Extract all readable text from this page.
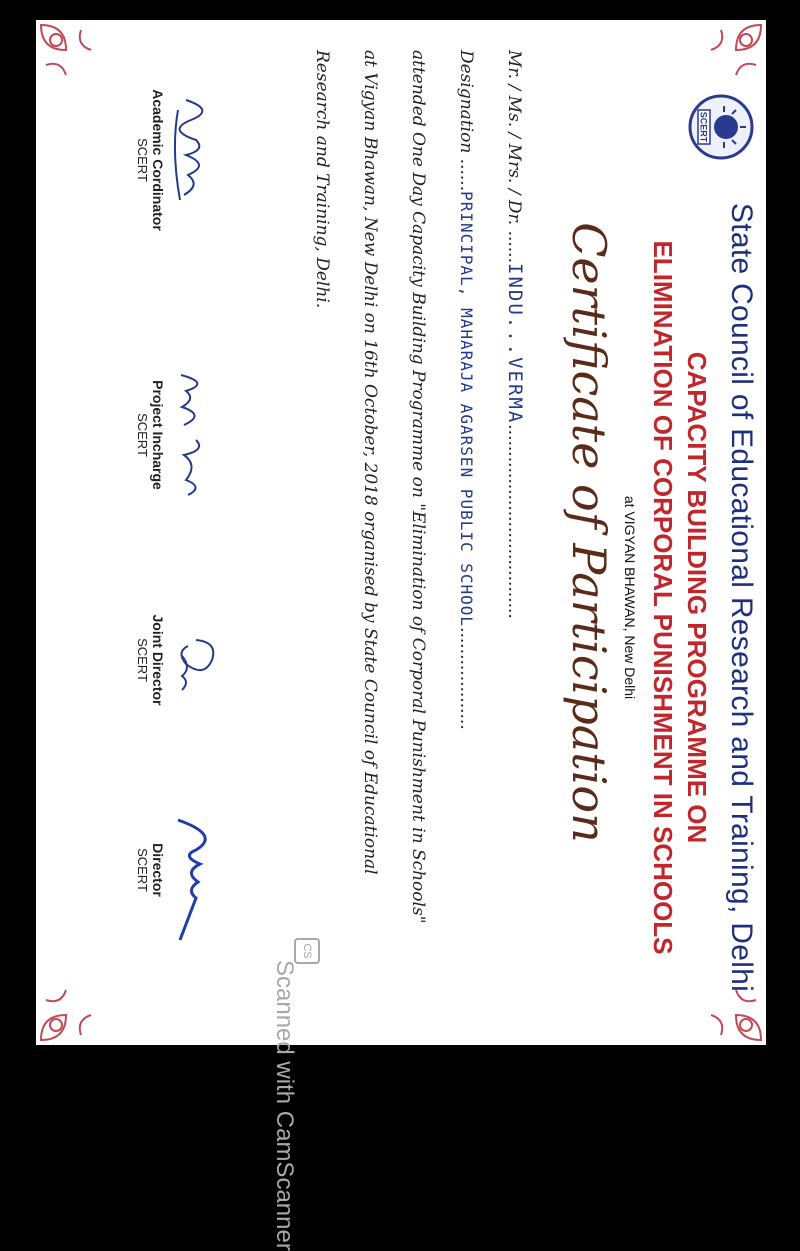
SCERT
State Council of Educational Research and Training, Delhi
CAPACITY BUILDING PROGRAMME ON
ELIMINATION OF CORPORAL PUNISHMENT IN SCHOOLS
at VIGYAN BHAWAN, New Delhi
Certificate of Participation
Mr. / Ms. / Mrs. / Dr. ......INDU...VERMA....................................
Designation ......PRINCIPAL, MAHARAJA AGARSEN PUBLIC SCHOOL...................
attended One Day Capacity Building Programme on "Elimination of Corporal Punishment in Schools"
at Vigyan Bhawan, New Delhi on 16th October, 2018 organised by State Council of Educational
Research and Training, Delhi.
Academic Cordinator
SCERT
Project Incharge
SCERT
Joint Director
SCERT
Director
SCERT
CS
Scanned with CamScanner
